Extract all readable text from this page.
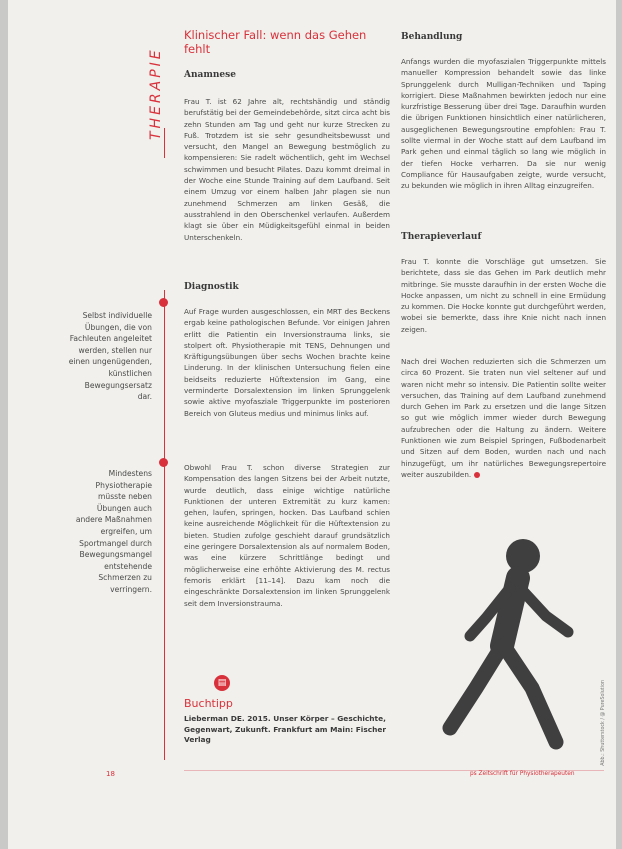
THERAPIE
Selbst individuelle Übungen, die von Fachleuten angeleitet werden, stellen nur einen ungenügenden, künstlichen Bewegungsersatz dar.
Mindestens Physiotherapie müsste neben Übungen auch andere Maßnahmen ergreifen, um Sportmangel durch Bewegungsmangel entstehende Schmerzen zu verringern.
Klinischer Fall: wenn das Gehen fehlt
Anamnese

Frau T. ist 62 Jahre alt, rechtshändig und ständig berufstätig bei der Gemeindebehörde, sitzt circa acht bis zehn Stunden am Tag und geht nur kurze Strecken zu Fuß. Trotzdem ist sie sehr gesundheitsbewusst und versucht, den Mangel an Bewegung bestmöglich zu kompensieren: Sie radelt wöchentlich, geht im Wechsel schwimmen und besucht Pilates. Dazu kommt dreimal in der Woche eine Stunde Training auf dem Laufband. Seit einem Umzug vor einem halben Jahr plagen sie nun zunehmend Schmerzen am linken Gesäß, die ausstrahlend in den Oberschenkel verlaufen. Außerdem klagt sie über ein Müdigkeitsgefühl einmal in beiden Unterschenkeln.

Diagnostik

Auf Frage wurden ausgeschlossen, ein MRT des Beckens ergab keine pathologischen Befunde. Vor einigen Jahren erlitt die Patientin ein Inversionstrauma links, sie stolpert oft. Physiotherapie mit TENS, Dehnungen und Kräftigungsübungen über sechs Wochen brachte keine Linderung. In der klinischen Untersuchung fielen eine beidseits reduzierte Hüftextension im Gang, eine verminderte Dorsalextension im linken Sprunggelenk sowie aktive myofasziale Triggerpunkte im posterioren Bereich von Gluteus medius und minimus links auf.

Obwohl Frau T. schon diverse Strategien zur Kompensation des langen Sitzens bei der Arbeit nutzte, wurde deutlich, dass einige wichtige natürliche Funktionen der unteren Extremität zu kurz kamen: gehen, laufen, springen, hocken. Das Laufband schien keine ausreichende Möglichkeit für die Hüftextension zu bieten. Studien zufolge geschieht darauf grundsätzlich eine geringere Dorsalextension als auf normalem Boden, was eine kürzere Schrittlänge bedingt und möglicherweise eine erhöhte Aktivierung des M. rectus femoris erklärt [11–14]. Dazu kam noch die eingeschränkte Dorsalextension im linken Sprunggelenk seit dem Inversionstrauma.

Behandlung

Anfangs wurden die myofaszialen Triggerpunkte mittels manueller Kompression behandelt sowie das linke Sprunggelenk durch Mulligan-Techniken und Taping korrigiert. Diese Maßnahmen bewirkten jedoch nur eine kurzfristige Besserung über drei Tage. Daraufhin wurden die übrigen Funktionen hinsichtlich einer natürlicheren, ausgeglichenen Bewegungsroutine empfohlen: Frau T. sollte viermal in der Woche statt auf dem Laufband im Park gehen und einmal täglich so lang wie möglich in der tiefen Hocke verharren. Da sie nur wenig Compliance für Hausaufgaben zeigte, wurde versucht, zu bekunden wie möglich in ihren Alltag einzugreifen.

Therapieverlauf

Frau T. konnte die Vorschläge gut umsetzen. Sie berichtete, dass sie das Gehen im Park deutlich mehr mitbringe. Sie musste daraufhin in der ersten Woche die Hocke anpassen, um nicht zu schnell in eine Ermüdung zu kommen. Die Hocke konnte gut durchgeführt werden, wobei sie bemerkte, dass ihre Knie nicht nach innen zeigen.

Nach drei Wochen reduzierten sich die Schmerzen um circa 60 Prozent. Sie traten nun viel seltener auf und waren nicht mehr so intensiv. Die Patientin sollte weiter versuchen, das Training auf dem Laufband zunehmend durch Gehen im Park zu ersetzen und die lange Sitzen so gut wie möglich immer wieder durch Bewegung aufzubrechen oder die Haltung zu ändern. Weitere Funktionen wie zum Beispiel Springen, Fußbodenarbeit und Sitzen auf dem Boden, wurden nach und nach hinzugefügt, um ihr natürliches Bewegungsrepertoire weiter auszubilden.

▤
Buchtipp
Lieberman DE. 2015. Unser Körper – Geschichte, Gegenwart, Zukunft. Frankfurt am Main: Fischer Verlag	Abb.: Shutterstock / @ PureSolution
18	ps Zeitschrift für Physiotherapeuten
